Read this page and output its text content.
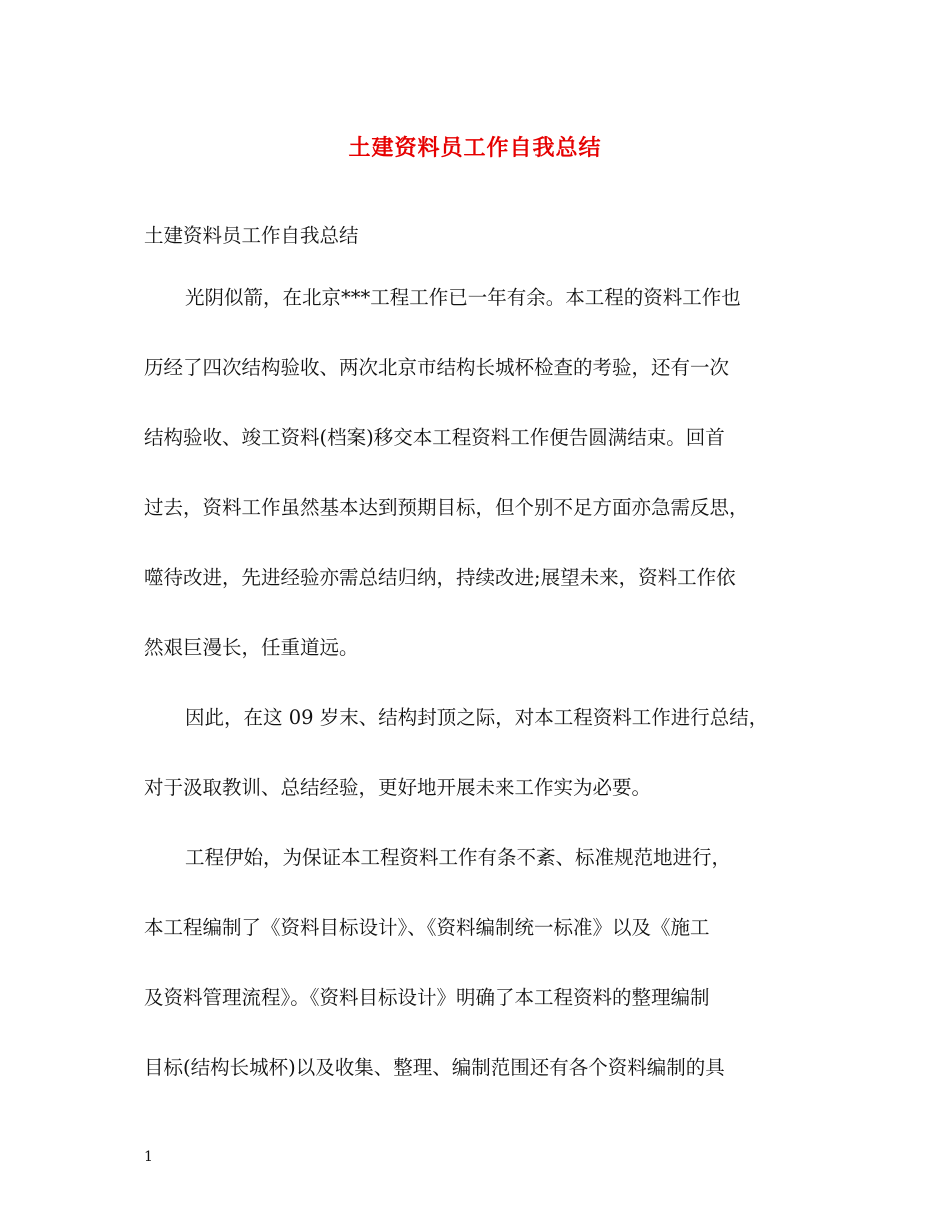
土建资料员工作自我总结
土建资料员工作自我总结
光阴似箭，在北京***工程工作已一年有余。本工程的资料工作也
历经了四次结构验收、两次北京市结构长城杯检查的考验，还有一次
结构验收、竣工资料(档案)移交本工程资料工作便告圆满结束。回首
过去，资料工作虽然基本达到预期目标，但个别不足方面亦急需反思，
噬待改进，先进经验亦需总结归纳，持续改进;展望未来，资料工作依
然艰巨漫长，任重道远。
因此，在这 09 岁末、结构封顶之际，对本工程资料工作进行总结，
对于汲取教训、总结经验，更好地开展未来工作实为必要。
工程伊始，为保证本工程资料工作有条不紊、标准规范地进行，
本工程编制了《资料目标设计》、《资料编制统一标准》以及《施工
及资料管理流程》。《资料目标设计》明确了本工程资料的整理编制
目标(结构长城杯)以及收集、整理、编制范围还有各个资料编制的具
1
